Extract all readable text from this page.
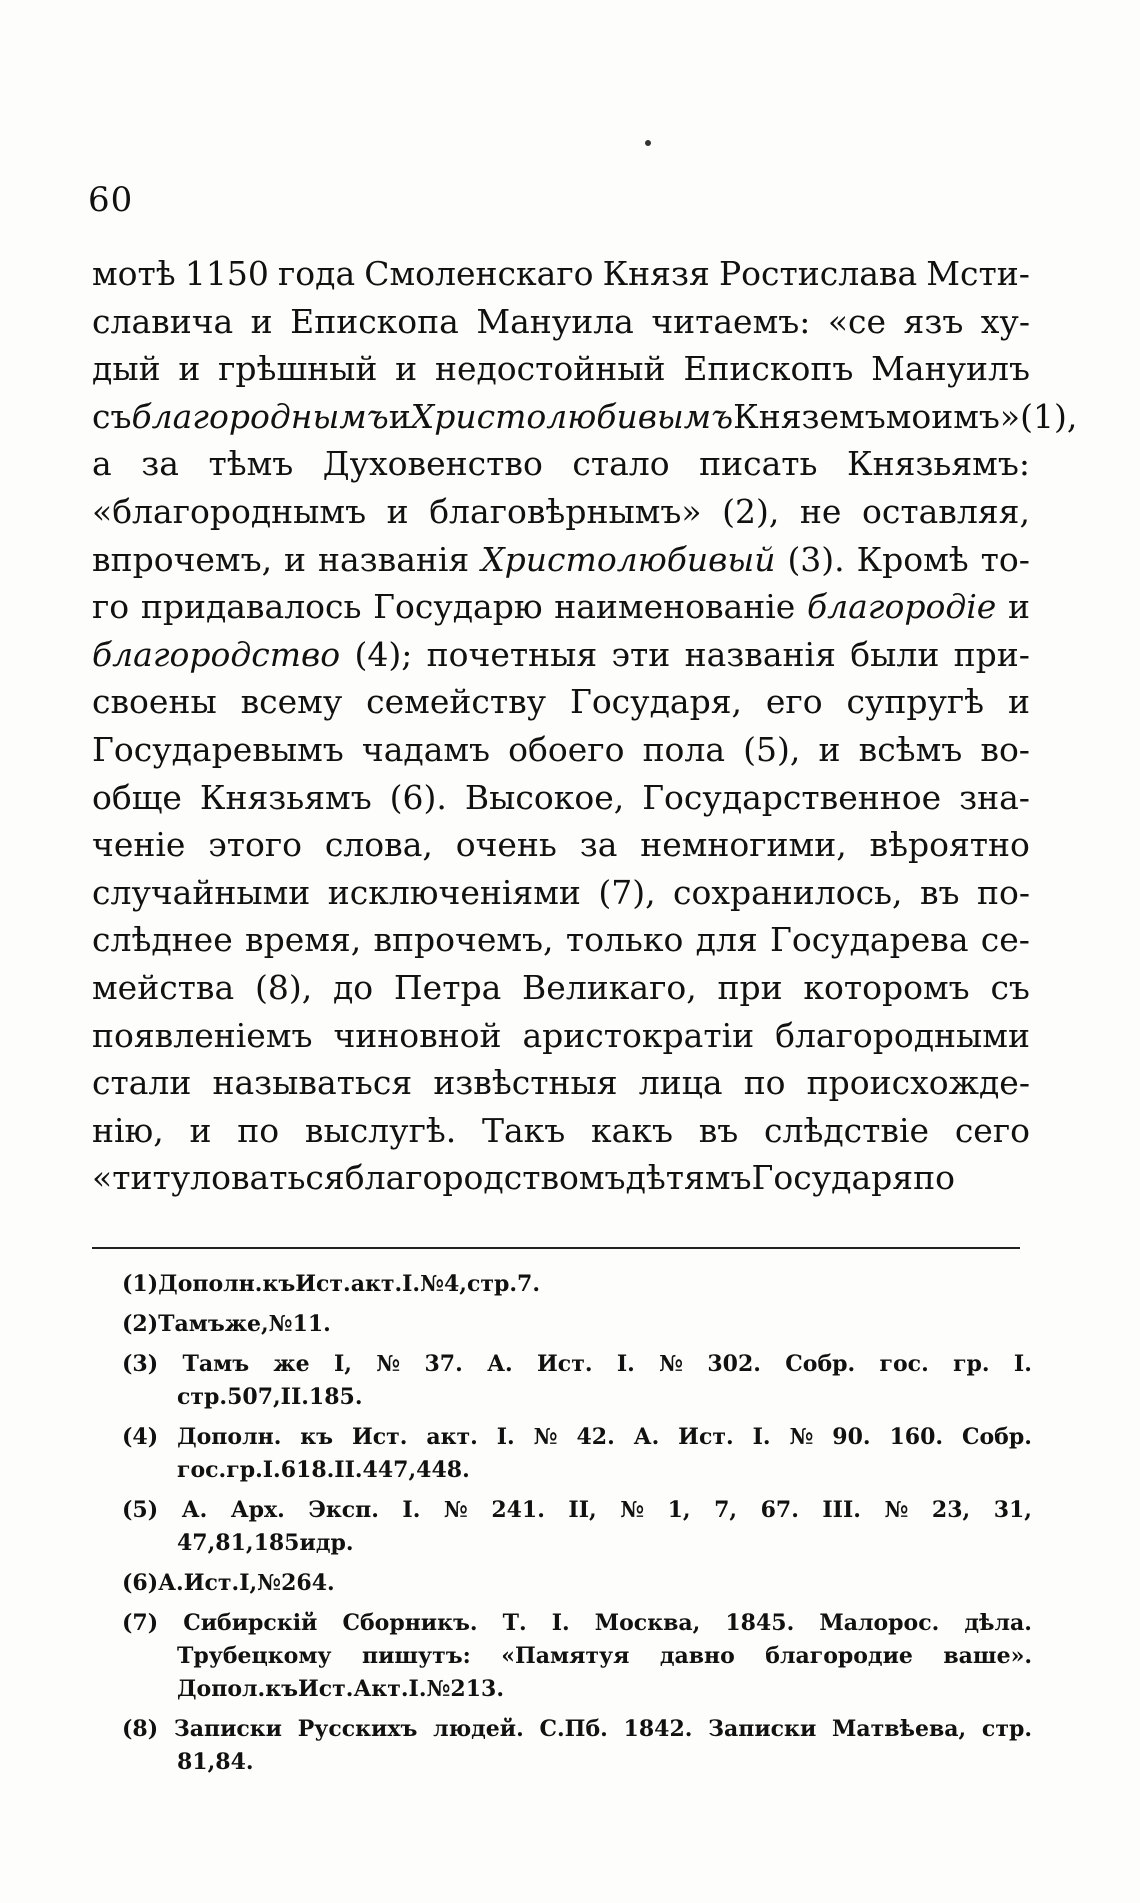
60
мотѣ 1150 года Смоленскаго Князя Ростислава Мсти-
славича и Епископа Мануила читаемъ: «се язъ ху-
дый и грѣшный и недостойный Епископъ Мануилъ
съ благороднымъ и Христолюбивымъ Княземъ моимъ» (1),
а за тѣмъ Духовенство стало писать Князьямъ:
«благороднымъ и благовѣрнымъ» (2), не оставляя,
впрочемъ, и названія Христолюбивый (3). Кромѣ то-
го придавалось Государю наименованіе благородіе и
благородство (4); почетныя эти названія были при-
своены всему семейству Государя, его супругѣ и
Государевымъ чадамъ обоего пола (5), и всѣмъ во-
обще Князьямъ (6). Высокое, Государственное зна-
ченіе этого слова, очень за немногими, вѣроятно
случайными исключеніями (7), сохранилось, въ по-
слѣднее время, впрочемъ, только для Государева се-
мейства (8), до Петра Великаго, при которомъ съ
появленіемъ чиновной аристократіи благородными
стали называться извѣстныя лица по происхожде-
нію, и по выслугѣ. Такъ какъ въ слѣдствіе сего
«титуловаться благородствомъ дѣтямъ Государя по
(1) Дополн. къ Ист. акт. I. № 4, стр. 7.
(2) Тамъ же, № 11.
(3) Тамъ же I, № 37. А. Ист. I. № 302. Собр. гос. гр. I.
стр. 507, II. 185.
(4) Дополн. къ Ист. акт. I. № 42. А. Ист. I. № 90. 160. Собр.
гос. гр. I. 618. II. 447, 448.
(5) А. Арх. Эксп. I. № 241. II, № 1, 7, 67. III. № 23, 31,
47, 81, 185 и др.
(6) А. Ист. I, № 264.
(7) Сибирскій Сборникъ. Т. I. Москва, 1845. Малорос. дѣла.
Трубецкому пишутъ: «Памятуя давно благородие ваше».
Допол. къ Ист. Акт. I. № 213.
(8) Записки Русскихъ людей. С.Пб. 1842. Записки Матвѣева, стр.
81, 84.
